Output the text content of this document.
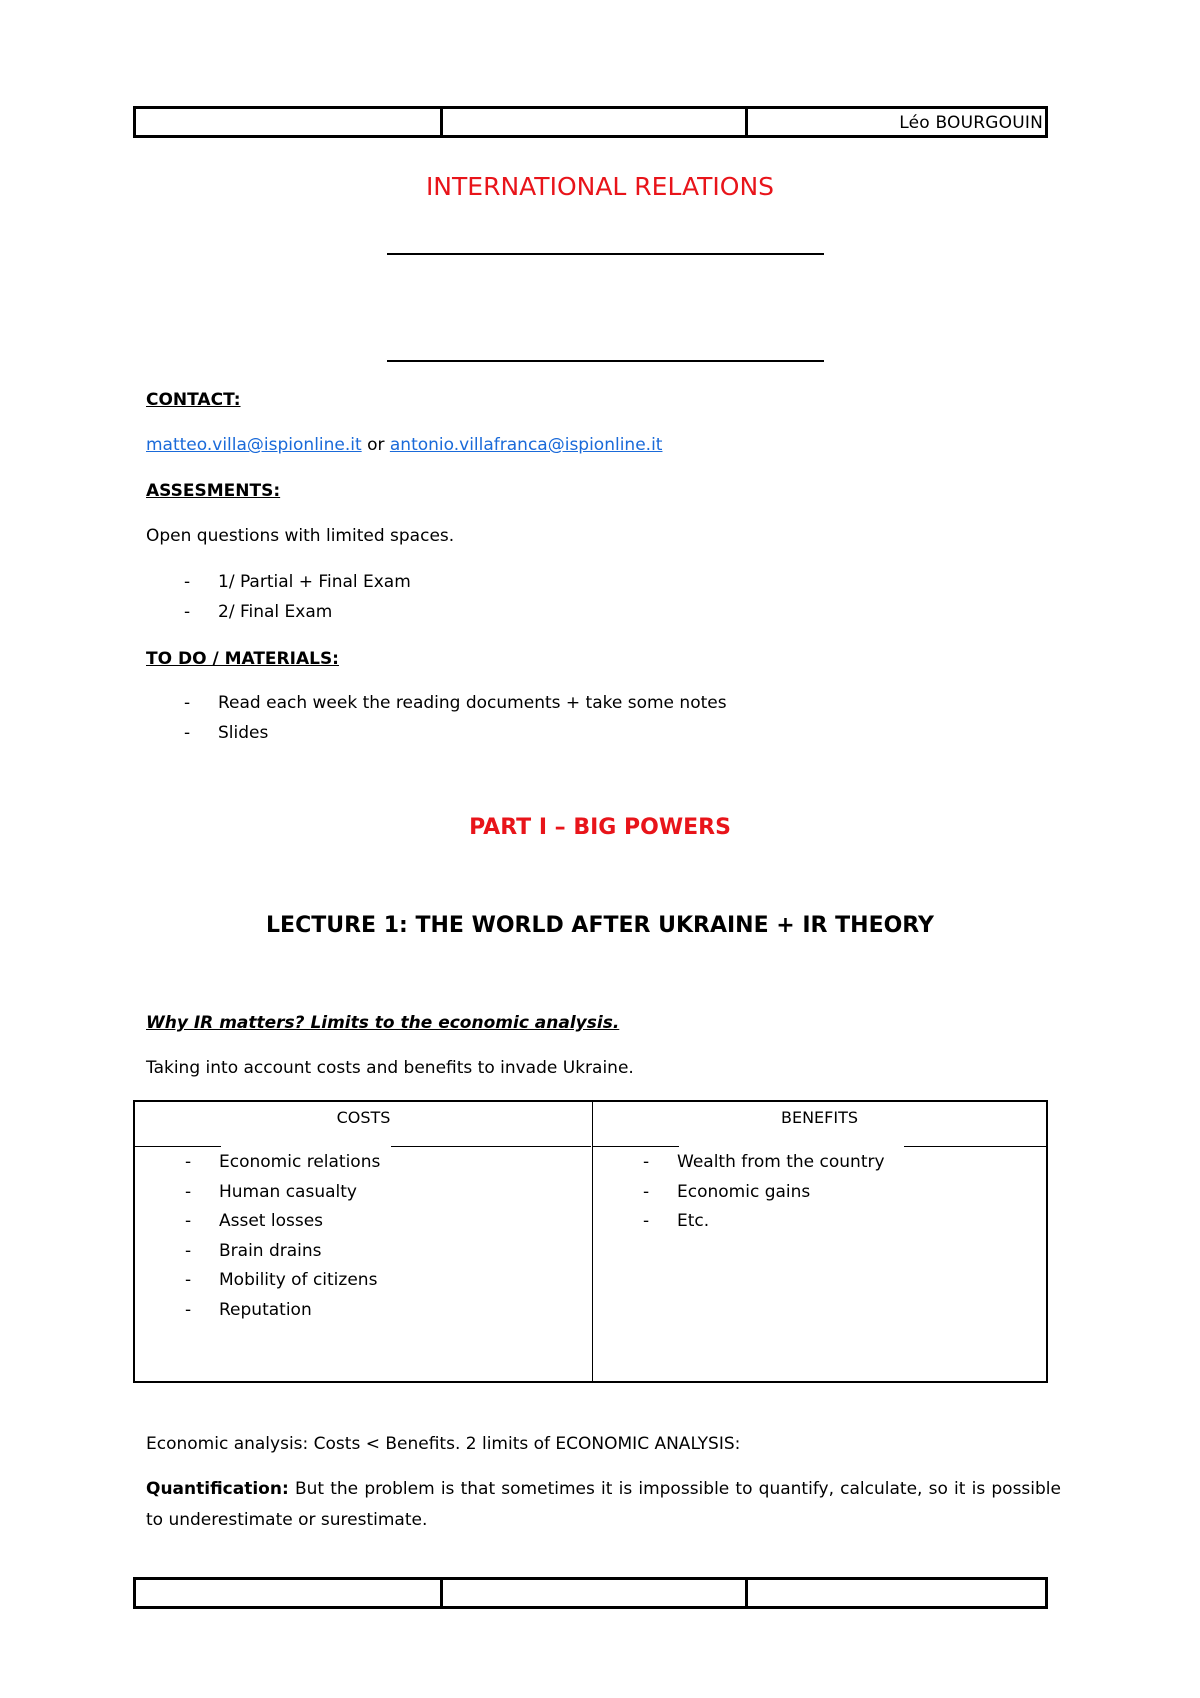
Léo BOURGOUIN
INTERNATIONAL RELATIONS
CONTACT:
matteo.villa@ispionline.it or antonio.villafranca@ispionline.it
ASSESMENTS:
Open questions with limited spaces.
- 1/ Partial + Final Exam
- 2/ Final Exam
TO DO / MATERIALS:
- Read each week the reading documents + take some notes
- Slides
PART I – BIG POWERS
LECTURE 1: THE WORLD AFTER UKRAINE + IR THEORY
Why IR matters? Limits to the economic analysis.
Taking into account costs and benefits to invade Ukraine.
COSTS	BENEFITS
- Economic relations
- Human casualty
- Asset losses
- Brain drains
- Mobility of citizens
- Reputation
- Wealth from the country
- Economic gains
- Etc.
Economic analysis: Costs < Benefits. 2 limits of ECONOMIC ANALYSIS:
Quantification: But the problem is that sometimes it is impossible to quantify, calculate, so it is possible to underestimate or surestimate.
